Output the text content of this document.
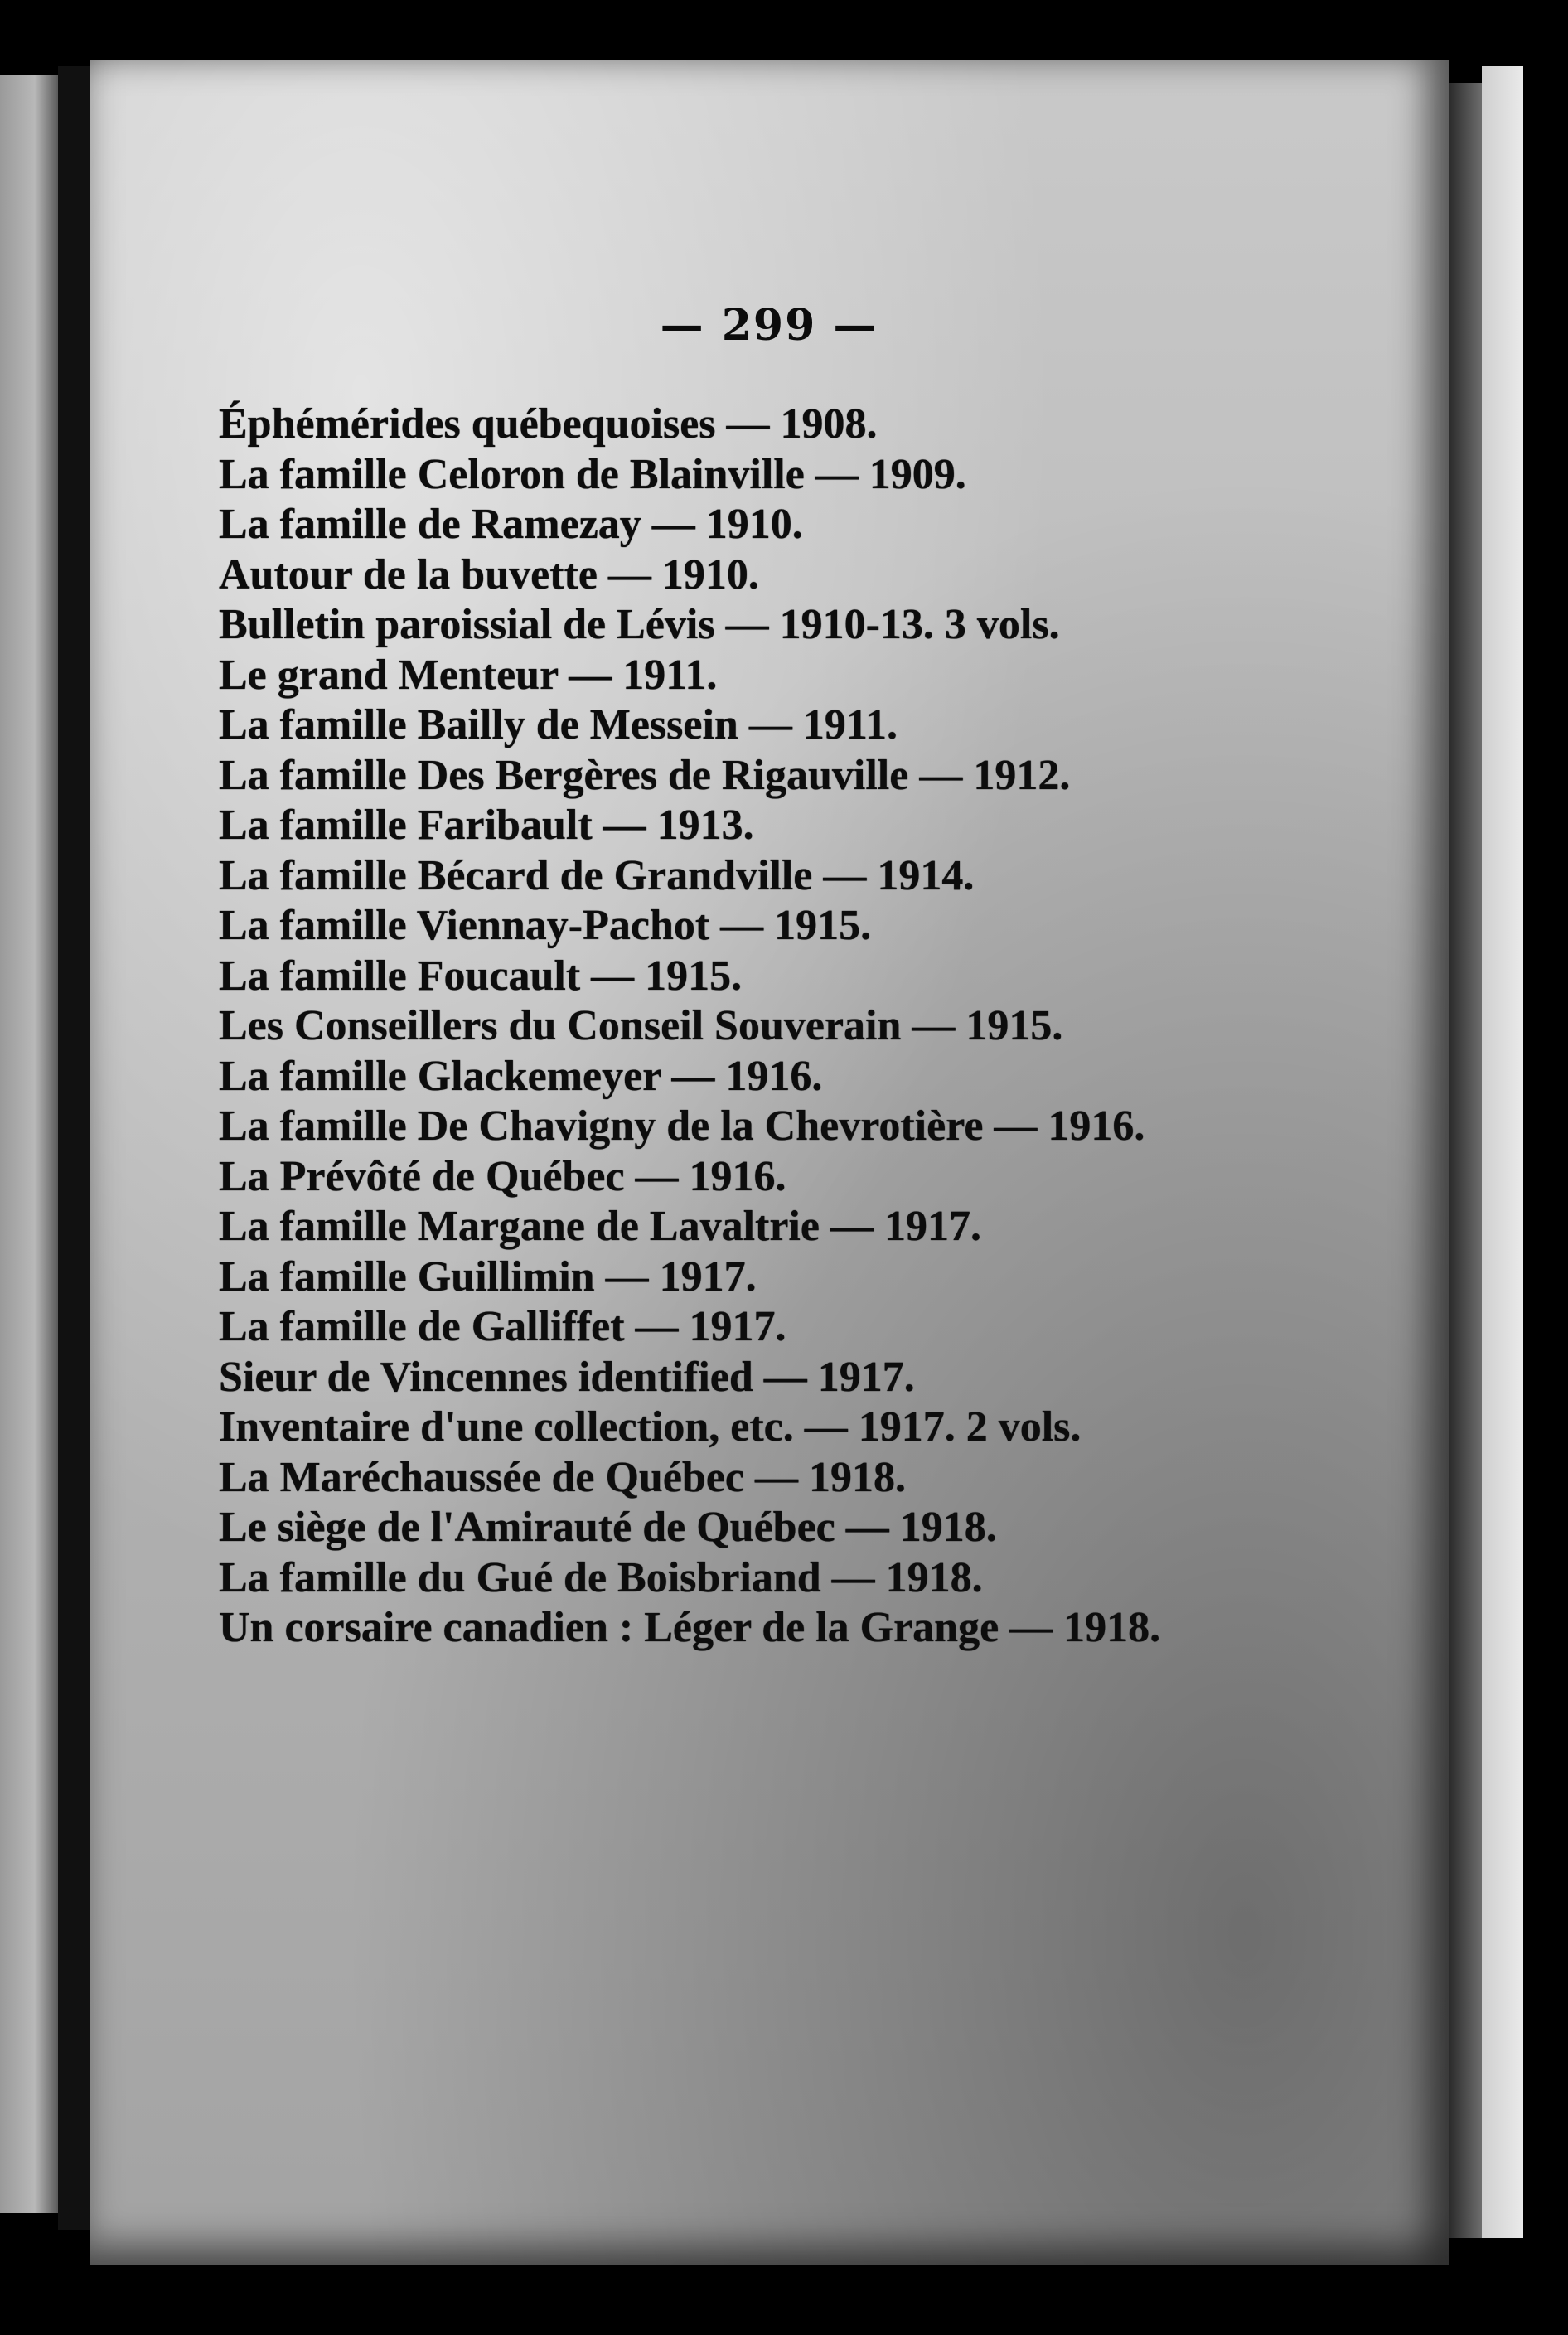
— 299 —
Éphémérides québequoises — 1908.
La famille Celoron de Blainville — 1909.
La famille de Ramezay — 1910.
Autour de la buvette — 1910.
Bulletin paroissial de Lévis — 1910-13. 3 vols.
Le grand Menteur — 1911.
La famille Bailly de Messein — 1911.
La famille Des Bergères de Rigauville — 1912.
La famille Faribault — 1913.
La famille Bécard de Grandville — 1914.
La famille Viennay-Pachot — 1915.
La famille Foucault — 1915.
Les Conseillers du Conseil Souverain — 1915.
La famille Glackemeyer — 1916.
La famille De Chavigny de la Chevrotière — 1916.
La Prévôté de Québec — 1916.
La famille Margane de Lavaltrie — 1917.
La famille Guillimin — 1917.
La famille de Galliffet — 1917.
Sieur de Vincennes identified — 1917.
Inventaire d'une collection, etc. — 1917. 2 vols.
La Maréchaussée de Québec — 1918.
Le siège de l'Amirauté de Québec — 1918.
La famille du Gué de Boisbriand — 1918.
Un corsaire canadien : Léger de la Grange — 1918.
